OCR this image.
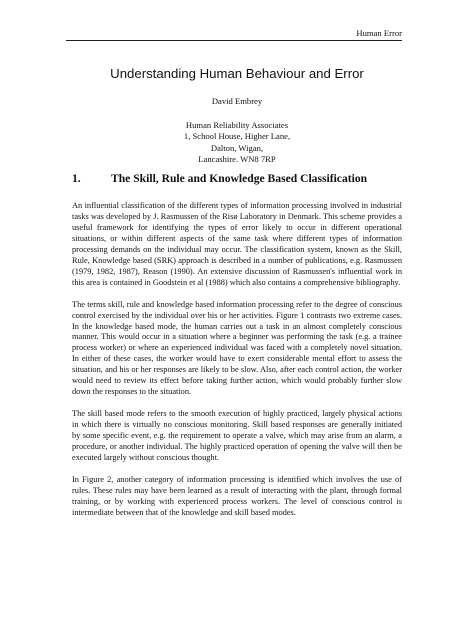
Human Error
Understanding Human Behaviour and Error
David Embrey
Human Reliability Associates
1, School House, Higher Lane,
Dalton, Wigan,
Lancashire. WN8 7RP
1.	The Skill, Rule and Knowledge Based Classification

An influential classification of the different types of information processing involved in industrial tasks was developed by J. Rasmussen of the Risø Laboratory in Denmark. This scheme provides a useful framework for identifying the types of error likely to occur in different operational situations, or within different aspects of the same task where different types of information processing demands on the individual may occur. The classification system, known as the Skill, Rule, Knowledge based (SRK) approach is described in a number of publications, e.g. Rasmussen (1979, 1982, 1987), Reason (1990). An extensive discussion of Rasmussen's influential work in this area is contained in Goodstein et al (1988) which also contains a comprehensive bibliography.

The terms skill, rule and knowledge based information processing refer to the degree of conscious control exercised by the individual over his or her activities. Figure 1 contrasts two extreme cases. In the knowledge based mode, the human carries out a task in an almost completely conscious manner. This would occur in a situation where a beginner was performing the task (e.g. a trainee process worker) or where an experienced individual was faced with a completely novel situation. In either of these cases, the worker would have to exert considerable mental effort to assess the situation, and his or her responses are likely to be slow. Also, after each control action, the worker would need to review its effect before taking further action, which would probably further slow down the responses to the situation.

The skill based mode refers to the smooth execution of highly practiced, largely physical actions in which there is virtually no conscious monitoring. Skill based responses are generally initiated by some specific event, e.g. the requirement to operate a valve, which may arise from an alarm, a procedure, or another individual. The highly practiced operation of opening the valve will then be executed largely without conscious thought.

In Figure 2, another category of information processing is identified which involves the use of rules. These rules may have been learned as a result of interacting with the plant, through formal training, or by working with experienced process workers. The level of conscious control is intermediate between that of the knowledge and skill based modes.
